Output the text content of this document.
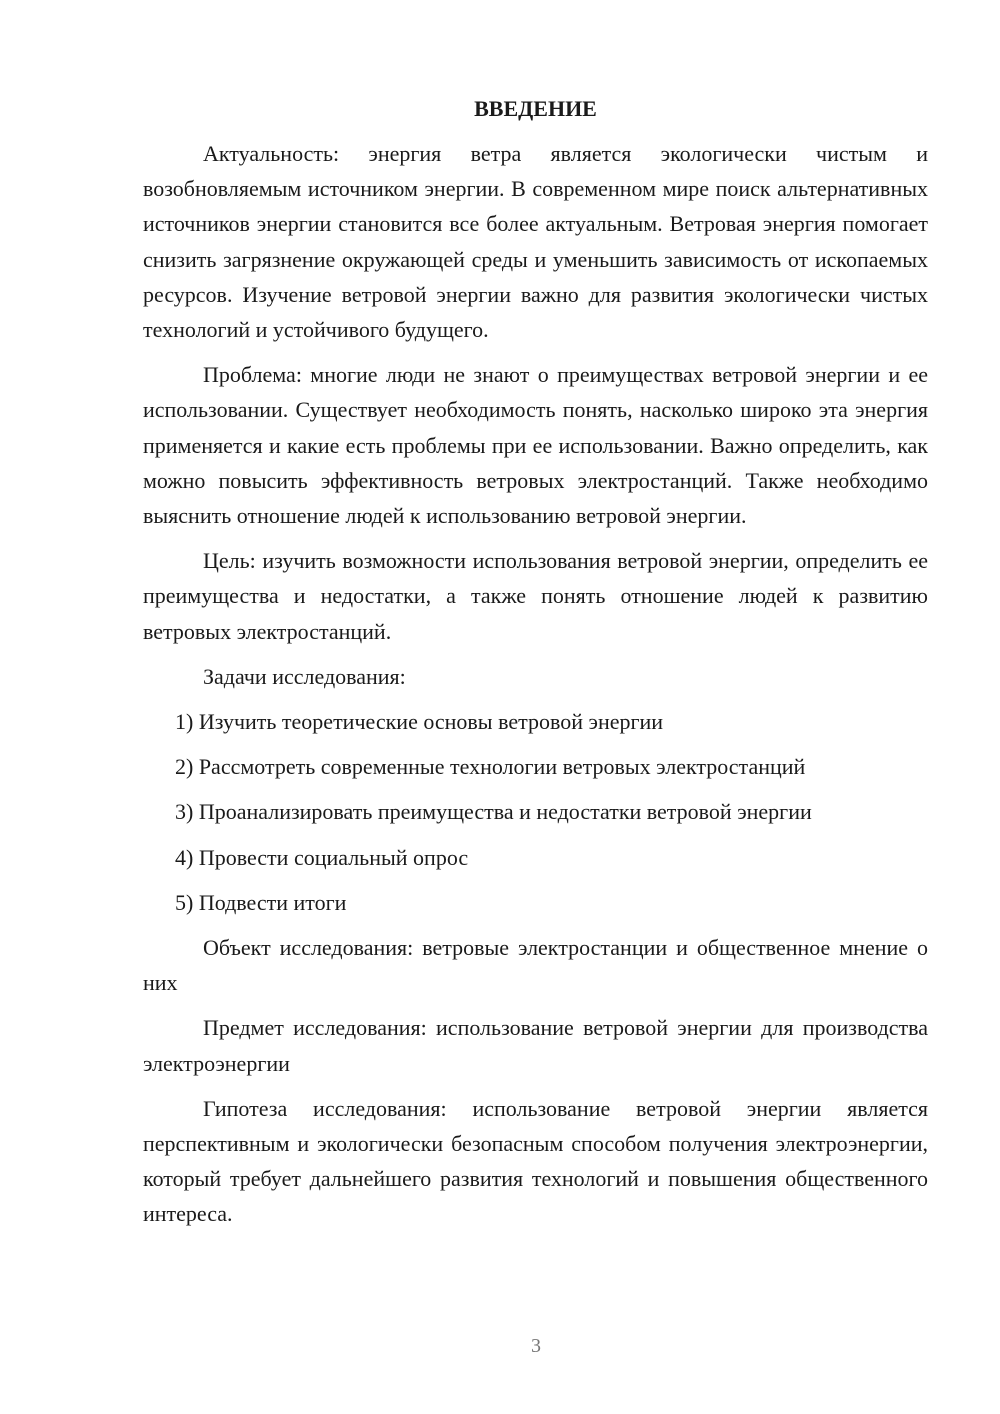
ВВЕДЕНИЕ

Актуальность: энергия ветра является экологически чистым и возобновляемым источником энергии. В современном мире поиск альтернативных источников энергии становится все более актуальным. Ветровая энергия помогает снизить загрязнение окружающей среды и уменьшить зависимость от ископаемых ресурсов. Изучение ветровой энергии важно для развития экологически чистых технологий и устойчивого будущего.

Проблема: многие люди не знают о преимуществах ветровой энергии и ее использовании. Существует необходимость понять, насколько широко эта энергия применяется и какие есть проблемы при ее использовании. Важно определить, как можно повысить эффективность ветровых электростанций. Также необходимо выяснить отношение людей к использованию ветровой энергии.

Цель: изучить возможности использования ветровой энергии, определить ее преимущества и недостатки, а также понять отношение людей к развитию ветровых электростанций.

Задачи исследования:

1) Изучить теоретические основы ветровой энергии

2) Рассмотреть современные технологии ветровых электростанций

3) Проанализировать преимущества и недостатки ветровой энергии

4) Провести социальный опрос

5) Подвести итоги

Объект исследования: ветровые электростанции и общественное мнение о них

Предмет исследования: использование ветровой энергии для производства электроэнергии

Гипотеза исследования: использование ветровой энергии является перспективным и экологически безопасным способом получения электроэнергии, который требует дальнейшего развития технологий и повышения общественного интереса.

3
